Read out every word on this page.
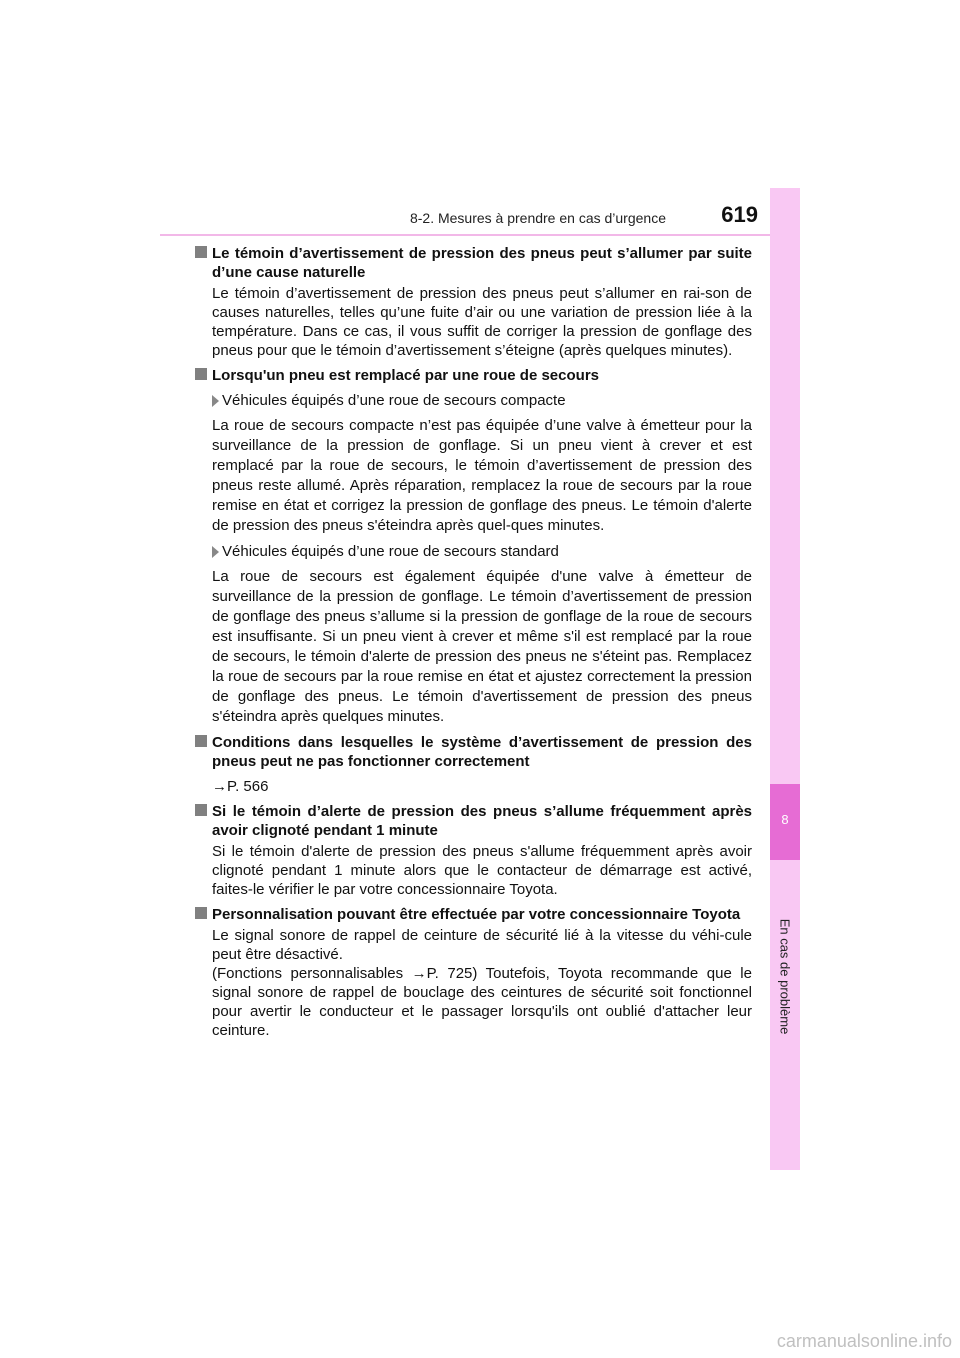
8-2. Mesures à prendre en cas d’urgence	619
8
En cas de problème

Le témoin d’avertissement de pression des pneus peut s’allumer par suite d’une cause naturelle

Le témoin d’avertissement de pression des pneus peut s’allumer en rai-son de causes naturelles, telles qu’une fuite d’air ou une variation de pression liée à la température. Dans ce cas, il vous suffit de corriger la pression de gonflage des pneus pour que le témoin d’avertissement s’éteigne (après quelques minutes).

Lorsqu'un pneu est remplacé par une roue de secours

Véhicules équipés d’une roue de secours compacte

La roue de secours compacte n’est pas équipée d’une valve à émetteur pour la surveillance de la pression de gonflage. Si un pneu vient à crever et est remplacé par la roue de secours, le témoin d’avertissement de pression des pneus reste allumé. Après réparation, remplacez la roue de secours par la roue remise en état et corrigez la pression de gonflage des pneus. Le témoin d'alerte de pression des pneus s'éteindra après quel-ques minutes.

Véhicules équipés d’une roue de secours standard

La roue de secours est également équipée d'une valve à émetteur de surveillance de la pression de gonflage. Le témoin d’avertissement de pression de gonflage des pneus s’allume si la pression de gonflage de la roue de secours est insuffisante. Si un pneu vient à crever et même s'il est remplacé par la roue de secours, le témoin d'alerte de pression des pneus ne s'éteint pas. Remplacez la roue de secours par la roue remise en état et ajustez correctement la pression de gonflage des pneus. Le témoin d'avertissement de pression des pneus s'éteindra après quelques minutes.

Conditions dans lesquelles le système d’avertissement de pression des pneus peut ne pas fonctionner correctement

→P. 566

Si le témoin d’alerte de pression des pneus s’allume fréquemment après avoir clignoté pendant 1 minute

Si le témoin d'alerte de pression des pneus s'allume fréquemment après avoir clignoté pendant 1 minute alors que le contacteur de démarrage est activé, faites-le vérifier le par votre concessionnaire Toyota.

Personnalisation pouvant être effectuée par votre concessionnaire Toyota

Le signal sonore de rappel de ceinture de sécurité lié à la vitesse du véhi-cule peut être désactivé.

(Fonctions personnalisables →P. 725) Toutefois, Toyota recommande que le signal sonore de rappel de bouclage des ceintures de sécurité soit fonctionnel pour avertir le conducteur et le passager lorsqu'ils ont oublié d'attacher leur ceinture.

carmanualsonline.info
